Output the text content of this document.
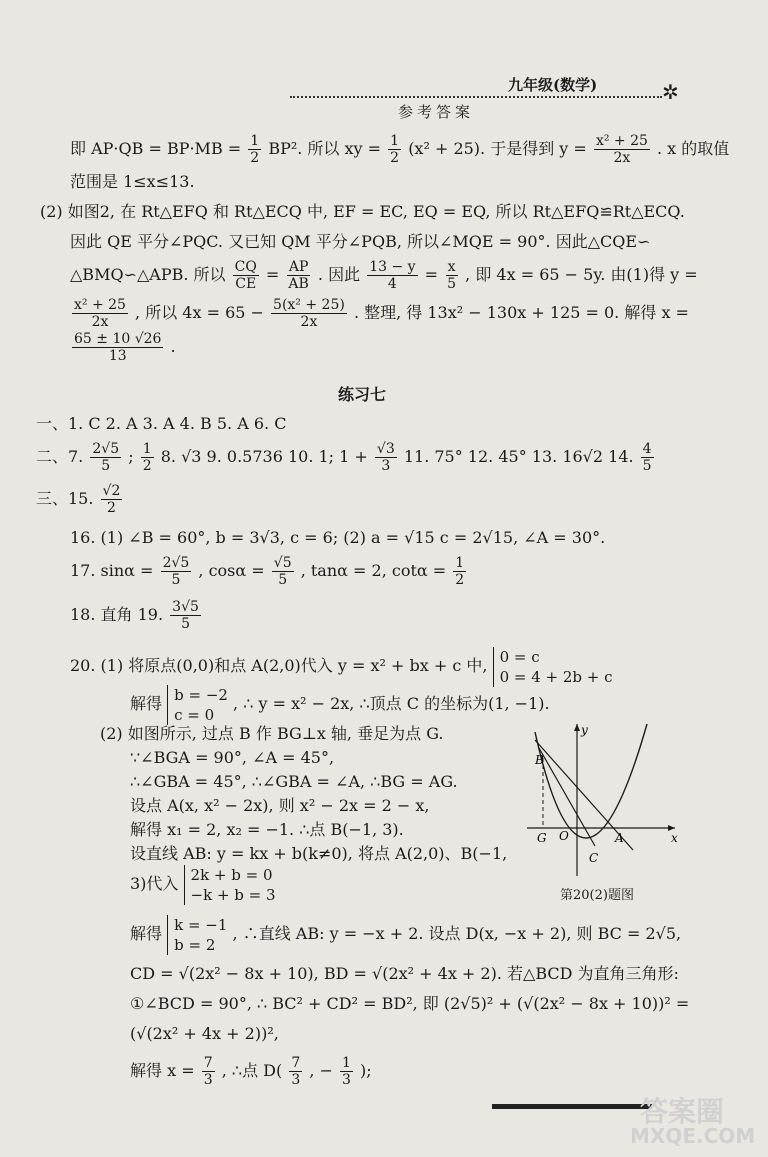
九年级(数学)	✲
参考答案
即 $AP\cdot QB = BP\cdot MB = \frac{1}{2} BP^2$. 所以 xy = $\frac{1}{2} (x^2 + 25)$. 于是得到 $y = \frac{\text{x² + 25}}{2x}$ . x 的取值
范围是 1≤x≤13.
(2) 如图2, 在 Rt△EFQ 和 Rt△ECQ 中, EF = EC, EQ = EQ, 所以 Rt△EFQ≌Rt△ECQ.
因此 QE 平分∠PQC. 又已知 QM 平分∠PQB, 所以∠MQE = 90°. 因此△CQE∽
△BMQ∽△APB. 所以 $\frac{CQ}{CE} = \frac{AP}{AB}$ . 因此 $\frac{13 - y}{4} = \frac{x}{5}$ , 即 4x = 65 − 5y. 由(1)得 y =
$\frac{\text{x² + 25}}{2x}$ , 所以 $4x = 65 - \frac{\text{5(x² + 25)}}{2x}$ . 整理, 得 13x² − 130x + 125 = 0. 解得 x =
$\frac{65 \pm 10 √26}{13}$ .
练习七
一、1. C 2. A 3. A 4. B 5. A 6. C
二、7. $\frac{2√5}{5}$ ; $\frac{1}{2} 8$. √3 9. 0.5736 10. 1; $1 + \frac{√3}{3} 11$. 75° 12. 45° 13. 16√2 14. $\frac{4}{5}$
三、15. $\frac{√2}{2}$
16. (1) ∠B = 60°, b = 3√3, c = 6; (2) a = √15 c = 2√15, ∠A = 30°.
17. $\sin\alpha = \frac{2√5}{5}$ , $\cos\alpha = \frac{√5}{5}$ , tanα = 2, $\cot\alpha = \frac{1}{2}$
18. 直角 19. $\frac{3√5}{5}$
20. (1) 将原点(0,0)和点 A(2,0)代入 y = x² + bx + c 中, 0 = c
0 = 4 + 2b + c
解得 b = −2
c = 0
, ∴ y = x² − 2x, ∴顶点 C 的坐标为(1, −1).
(2) 如图所示, 过点 B 作 BG⊥x 轴, 垂足为点 G.
∵∠BGA = 90°, ∠A = 45°,
∴∠GBA = 45°, ∴∠GBA = ∠A, ∴BG = AG.
设点 A(x, x² − 2x), 则 x² − 2x = 2 − x,
解得 x₁ = 2, x₂ = −1. ∴点 B(−1, 3).
设直线 AB: y = kx + b(k≠0), 将点 A(2,0)、B(−1,
3)代入 2k + b = 0
−k + b = 3
解得 k = −1
b = 2
, ∴直线 AB: y = −x + 2. 设点 D(x, −x + 2), 则 BC = 2√5,
CD = √(2x² − 8x + 10), BD = √(2x² + 4x + 2). 若△BCD 为直角三角形:
①∠BCD = 90°, ∴ BC² + CD² = BD², 即 (2√5)² + (√(2x² − 8x + 10))² =
(√(2x² + 4x + 2))²,
解得 $x = \frac{7}{3}$ , ∴点 $D( \frac{7}{3}$ , − $\frac{1}{3}$ );
B
G O	A
C
y
x
第20(2)题图
答案圈
MXQE.COM
